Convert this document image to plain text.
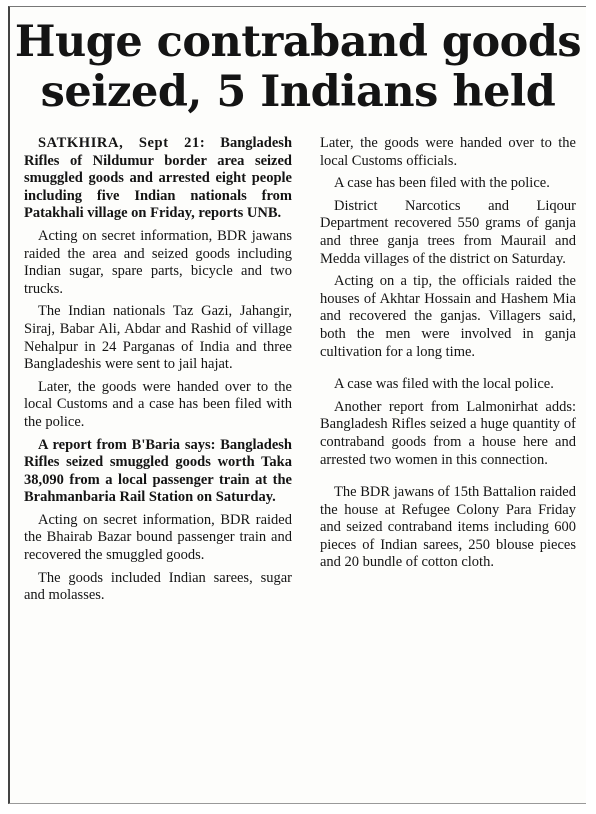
Huge contraband goods
seized, 5 Indians held

SATKHIRA, Sept 21: Bangladesh Rifles of Nildumur border area seized smuggled goods and arrested eight people including five Indian nationals from Patakhali village on Friday, reports UNB.

Acting on secret information, BDR jawans raided the area and seized goods including Indian sugar, spare parts, bicycle and two trucks.

The Indian nationals Taz Gazi, Jahangir, Siraj, Babar Ali, Abdar and Rashid of village Nehalpur in 24 Parganas of India and three Bangladeshis were sent to jail hajat.

Later, the goods were handed over to the local Customs and a case has been filed with the police.

A report from B'Baria says: Bangladesh Rifles seized smuggled goods worth Taka 38,090 from a local passenger train at the Brahmanbaria Rail Station on Saturday.

Acting on secret information, BDR raided the Bhairab Bazar bound passenger train and recovered the smuggled goods.

The goods included Indian sarees, sugar and molasses.

Later, the goods were handed over to the local Customs officials.

A case has been filed with the police.

District Narcotics and Liqour Department recovered 550 grams of ganja and three ganja trees from Maurail and Medda villages of the district on Saturday.

Acting on a tip, the officials raided the houses of Akhtar Hossain and Hashem Mia and recovered the ganjas. Villagers said, both the men were involved in ganja cultivation for a long time.

A case was filed with the local police.

Another report from Lalmonirhat adds: Bangladesh Rifles seized a huge quantity of contraband goods from a house here and arrested two women in this connection.

The BDR jawans of 15th Battalion raided the house at Refugee Colony Para Friday and seized contraband items including 600 pieces of Indian sarees, 250 blouse pieces and 20 bundle of cotton cloth.
